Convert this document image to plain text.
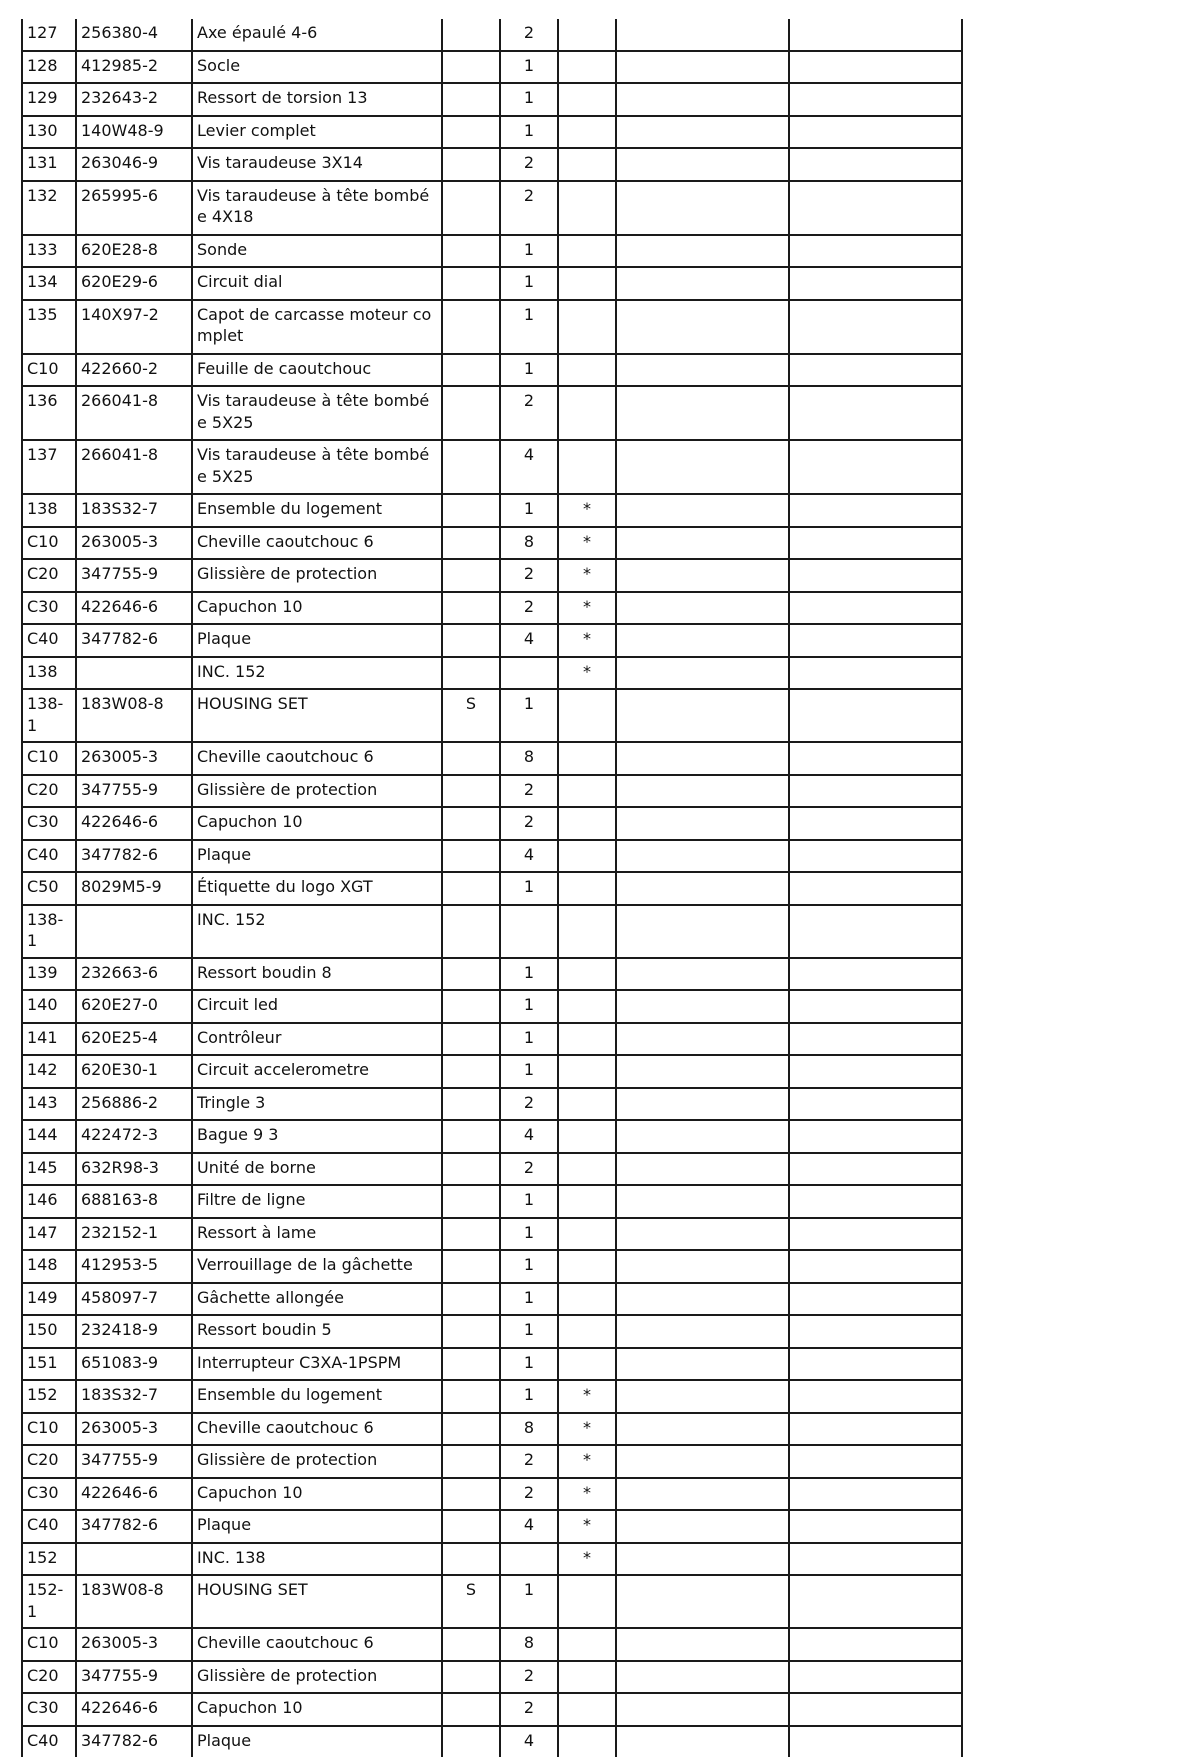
127	256380-4	Axe épaulé 4-6		2			
128	412985-2	Socle		1			
129	232643-2	Ressort de torsion 13		1			
130	140W48-9	Levier complet		1			
131	263046-9	Vis taraudeuse 3X14		2			
132	265995-6	Vis taraudeuse à tête bombée 4X18		2			
133	620E28-8	Sonde		1			
134	620E29-6	Circuit dial		1			
135	140X97-2	Capot de carcasse moteur complet		1			
C10	422660-2	Feuille de caoutchouc		1			
136	266041-8	Vis taraudeuse à tête bombée 5X25		2			
137	266041-8	Vis taraudeuse à tête bombée 5X25		4			
138	183S32-7	Ensemble du logement		1	*		
C10	263005-3	Cheville caoutchouc 6		8	*		
C20	347755-9	Glissière de protection		2	*		
C30	422646-6	Capuchon 10		2	*		
C40	347782-6	Plaque		4	*		
138		INC. 152			*		
138-1	183W08-8	HOUSING SET	S	1			
C10	263005-3	Cheville caoutchouc 6		8			
C20	347755-9	Glissière de protection		2			
C30	422646-6	Capuchon 10		2			
C40	347782-6	Plaque		4			
C50	8029M5-9	Étiquette du logo XGT		1			
138-1		INC. 152					
139	232663-6	Ressort boudin 8		1			
140	620E27-0	Circuit led		1			
141	620E25-4	Contrôleur		1			
142	620E30-1	Circuit accelerometre		1			
143	256886-2	Tringle 3		2			
144	422472-3	Bague 9 3		4			
145	632R98-3	Unité de borne		2			
146	688163-8	Filtre de ligne		1			
147	232152-1	Ressort à lame		1			
148	412953-5	Verrouillage de la gâchette		1			
149	458097-7	Gâchette allongée		1			
150	232418-9	Ressort boudin 5		1			
151	651083-9	Interrupteur C3XA-1PSPM		1			
152	183S32-7	Ensemble du logement		1	*		
C10	263005-3	Cheville caoutchouc 6		8	*		
C20	347755-9	Glissière de protection		2	*		
C30	422646-6	Capuchon 10		2	*		
C40	347782-6	Plaque		4	*		
152		INC. 138			*		
152-1	183W08-8	HOUSING SET	S	1			
C10	263005-3	Cheville caoutchouc 6		8			
C20	347755-9	Glissière de protection		2			
C30	422646-6	Capuchon 10		2			
C40	347782-6	Plaque		4			
